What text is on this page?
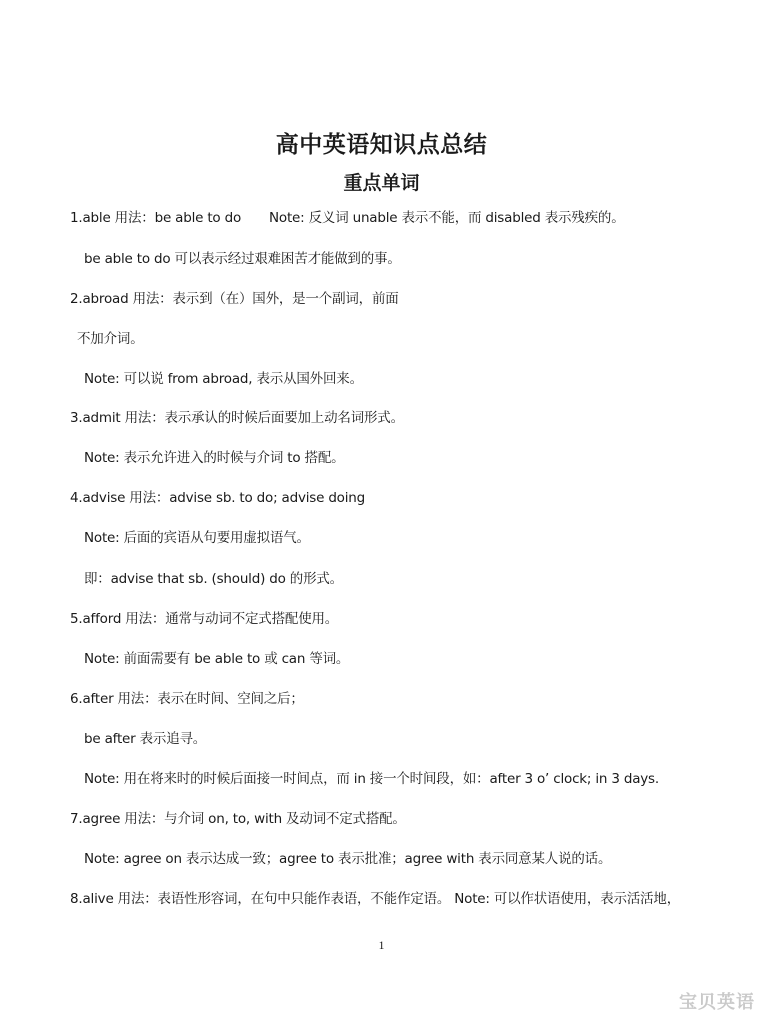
高中英语知识点总结
重点单词
1.able 用法：be able to do Note: 反义词 unable 表示不能，而 disabled 表示残疾的。
be able to do 可以表示经过艰难困苦才能做到的事。
2.abroad 用法：表示到（在）国外，是一个副词，前面
不加介词。
Note: 可以说 from abroad, 表示从国外回来。
3.admit 用法：表示承认的时候后面要加上动名词形式。
Note: 表示允许进入的时候与介词 to 搭配。
4.advise 用法：advise sb. to do; advise doing
Note: 后面的宾语从句要用虚拟语气。
即：advise that sb. (should) do 的形式。
5.afford 用法：通常与动词不定式搭配使用。
Note: 前面需要有 be able to 或 can 等词。
6.after 用法：表示在时间、空间之后；
be after 表示追寻。
Note: 用在将来时的时候后面接一时间点，而 in 接一个时间段，如：after 3 o’ clock; in 3 days.
7.agree 用法：与介词 on, to, with 及动词不定式搭配。
Note: agree on 表示达成一致；agree to 表示批准；agree with 表示同意某人说的话。
8.alive 用法：表语性形容词，在句中只能作表语，不能作定语。 Note: 可以作状语使用，表示活活地，
1
宝贝英语
